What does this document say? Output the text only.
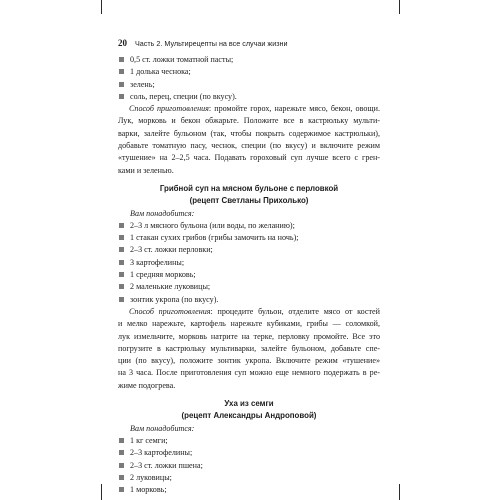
20 Часть 2. Мультирецепты на все случаи жизни
0,5 ст. ложки томатной пасты;
1 долька чеснока;
зелень;
соль, перец, специи (по вкусу).
Способ приготовления: промойте горох, нарежьте мясо, бекон, овощи.
Лук, морковь и бекон обжарьте. Положите все в кастрюльку мульти-
варки, залейте бульоном (так, чтобы покрыть содержимое кастрюльки),
добавьте томатную пасу, чеснок, специи (по вкусу) и включите режим
«тушение» на 2–2,5 часа. Подавать гороховый суп лучше всего с грен-
ками и зеленью.
Грибной суп на мясном бульоне с перловкой
(рецепт Светланы Прихолько)
Вам понадобится:
2–3 л мясного бульона (или воды, по желанию);
1 стакан сухих грибов (грибы замочить на ночь);
2–3 ст. ложки перловки;
3 картофелины;
1 средняя морковь;
2 маленькие луковицы;
зонтик укропа (по вкусу).
Способ приготовления: процедите бульон, отделите мясо от костей
и мелко нарежьте, картофель нарежьте кубиками, грибы — соломкой,
лук измельчите, морковь натрите на терке, перловку промойте. Все это
погрузите в кастрюльку мультиварки, залейте бульоном, добавьте спе-
ции (по вкусу), положите зонтик укропа. Включите режим «тушение»
на 3 часа. После приготовления суп можно еще немного подержать в ре-
жиме подогрева.
Уха из семги
(рецепт Александры Андроповой)
Вам понадобится:
1 кг семги;
2–3 картофелины;
2–3 ст. ложки пшена;
2 луковицы;
1 морковь;
